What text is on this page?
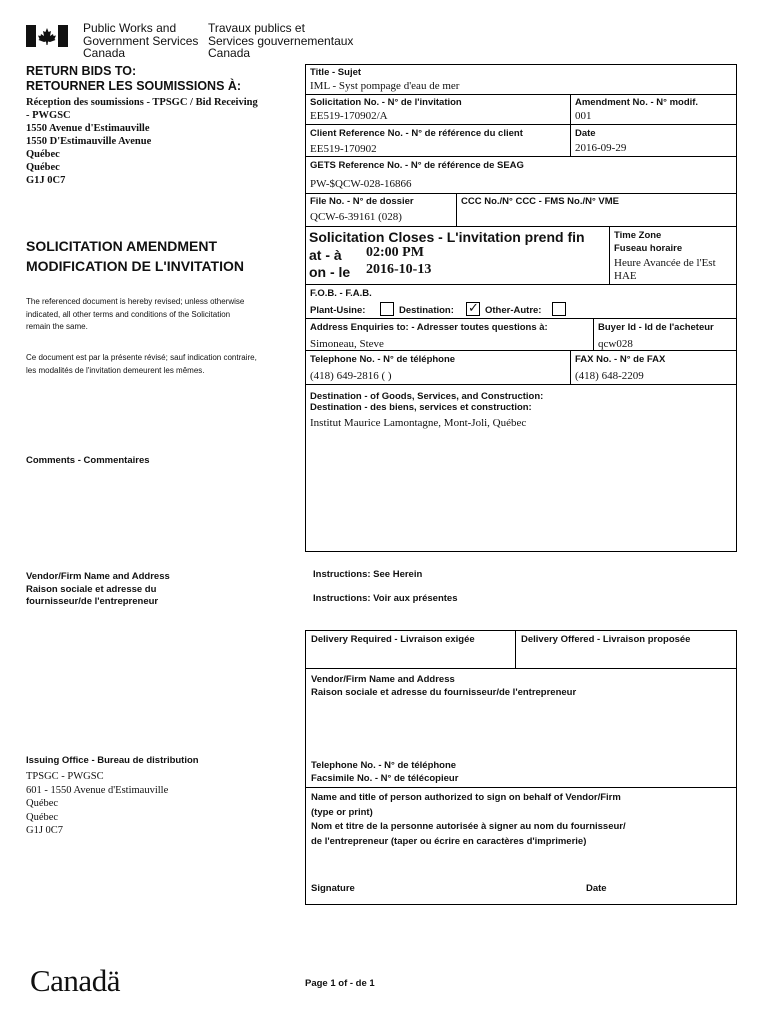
Public Works and
Government Services
Canada
Travaux publics et
Services gouvernementaux
Canada
RETURN BIDS TO:
RETOURNER LES SOUMISSIONS À:
Réception des soumissions - TPSGC / Bid Receiving
- PWGSC
1550 Avenue d'Estimauville
1550 D'Estimauville Avenue
Québec
Québec
G1J 0C7
SOLICITATION AMENDMENT
MODIFICATION DE L'INVITATION
The referenced document is hereby revised; unless otherwise
indicated, all other terms and conditions of the Solicitation
remain the same.
Ce document est par la présente révisé; sauf indication contraire,
les modalités de l'invitation demeurent les mêmes.
Comments - Commentaires
Vendor/Firm Name and Address
Raison sociale et adresse du
fournisseur/de l'entrepreneur
Issuing Office - Bureau de distribution
TPSGC - PWGSC
601 - 1550 Avenue d'Estimauville
Québec
Québec
G1J 0C7
Title - Sujet
IML - Syst pompage d'eau de mer
Solicitation No. - N° de l'invitation
EE519-170902/A
Amendment No. - N° modif.
001
Client Reference No. - N° de référence du client
EE519-170902
Date
2016-09-29
GETS Reference No. - N° de référence de SEAG
PW-$QCW-028-16866
File No. - N° de dossier
QCW-6-39161 (028)
CCC No./N° CCC - FMS No./N° VME
Solicitation Closes - L'invitation prend fin
at - à 02:00 PM
on - le 2016-10-13
Time Zone
Fuseau horaire
Heure Avancée de l'Est
HAE
F.O.B. - F.A.B.
Plant-Usine:	Destination: ✓ Other-Autre:
Address Enquiries to: - Adresser toutes questions à:
Simoneau, Steve
Buyer Id - Id de l'acheteur
qcw028
Telephone No. - N° de téléphone
(418) 649-2816 ( )
FAX No. - N° de FAX
(418) 648-2209
Destination - of Goods, Services, and Construction:
Destination - des biens, services et construction:
Institut Maurice Lamontagne, Mont-Joli, Québec
Instructions: See Herein
Instructions: Voir aux présentes
Delivery Required - Livraison exigée	Delivery Offered - Livraison proposée
Vendor/Firm Name and Address
Raison sociale et adresse du fournisseur/de l'entrepreneur
Telephone No. - N° de téléphone
Facsimile No. - N° de télécopieur
Name and title of person authorized to sign on behalf of Vendor/Firm
(type or print)
Nom et titre de la personne autorisée à signer au nom du fournisseur/
de l'entrepreneur (taper ou écrire en caractères d'imprimerie)
Signature	Date
Canadä	Page 1 of - de 1
